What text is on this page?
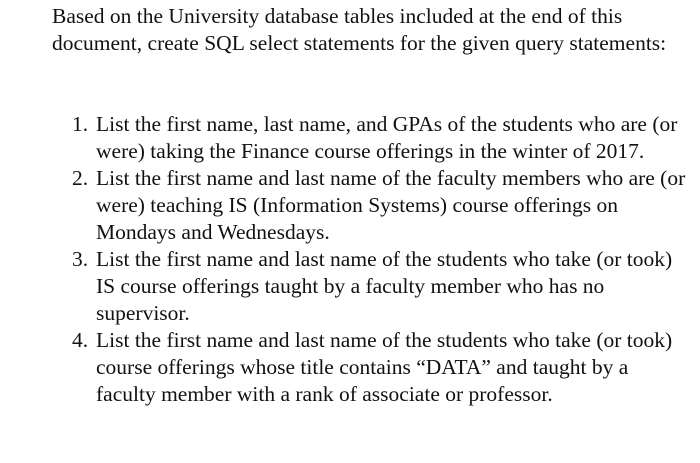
Based on the University database tables included at the end of this document, create SQL select statements for the given query statements:

1. List the first name, last name, and GPAs of the students who are (or were) taking the Finance course offerings in the winter of 2017.
2. List the first name and last name of the faculty members who are (or were) teaching IS (Information Systems) course offerings on Mondays and Wednesdays.
3. List the first name and last name of the students who take (or took) IS course offerings taught by a faculty member who has no supervisor.
4. List the first name and last name of the students who take (or took) course offerings whose title contains “DATA” and taught by a faculty member with a rank of associate or professor.
